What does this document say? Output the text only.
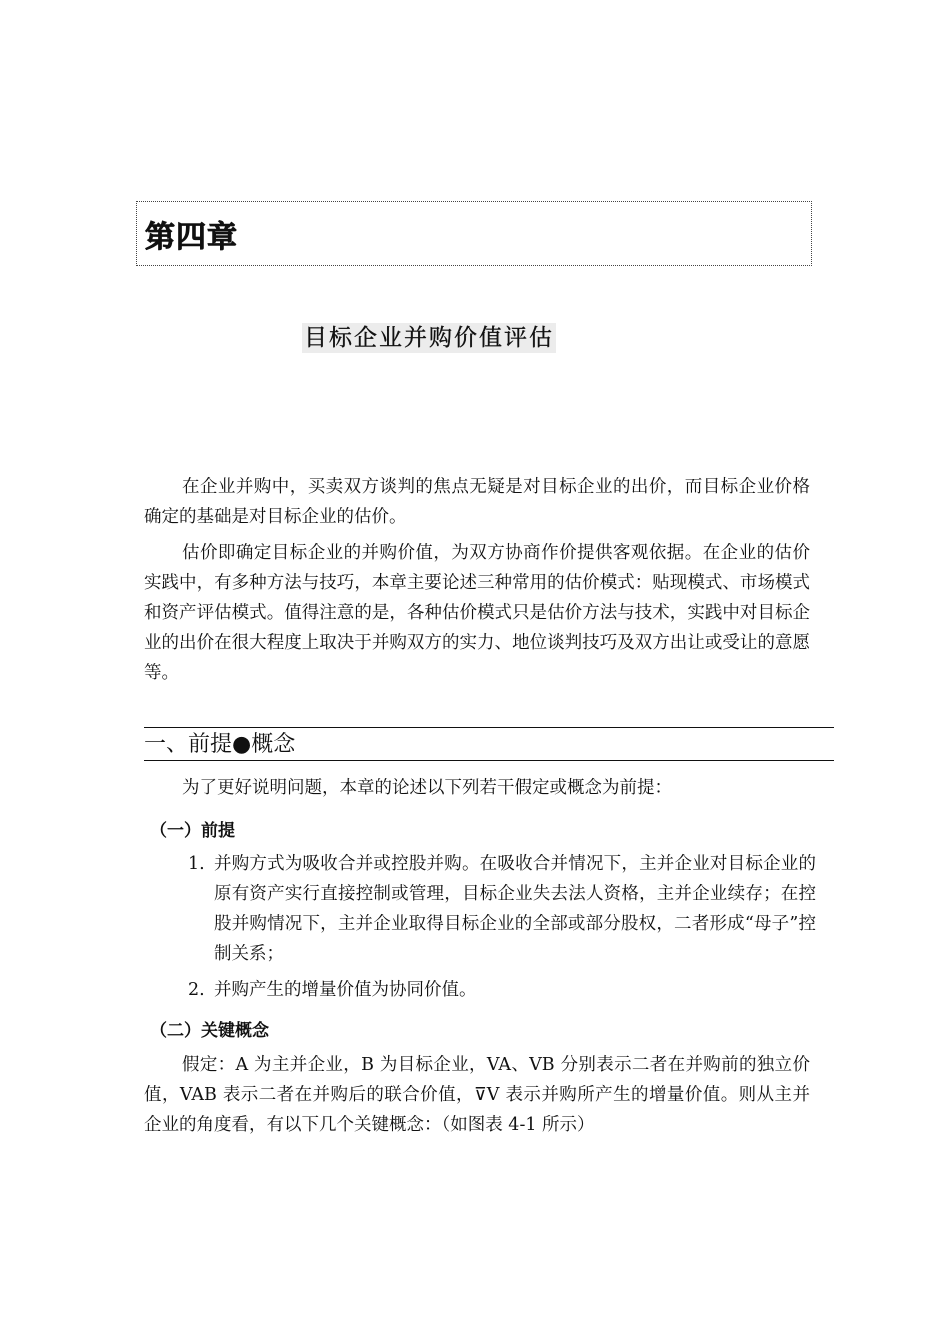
第四章
目标企业并购价值评估

在企业并购中，买卖双方谈判的焦点无疑是对目标企业的出价，而目标企业价格确定的基础是对目标企业的估价。

估价即确定目标企业的并购价值，为双方协商作价提供客观依据。在企业的估价实践中，有多种方法与技巧，本章主要论述三种常用的估价模式：贴现模式、市场模式和资产评估模式。值得注意的是，各种估价模式只是估价方法与技术，实践中对目标企业的出价在很大程度上取决于并购双方的实力、地位谈判技巧及双方出让或受让的意愿等。

一、前提●概念

为了更好说明问题，本章的论述以下列若干假定或概念为前提：

（一）前提
1. 并购方式为吸收合并或控股并购。在吸收合并情况下，主并企业对目标企业的原有资产实行直接控制或管理，目标企业失去法人资格，主并企业续存；在控股并购情况下，主并企业取得目标企业的全部或部分股权，二者形成“母子”控制关系；
2. 并购产生的增量价值为协同价值。
（二）关键概念

假定：A 为主并企业，B 为目标企业，VA、VB 分别表示二者在并购前的独立价值，VAB 表示二者在并购后的联合价值，⊽V 表示并购所产生的增量价值。则从主并企业的角度看，有以下几个关键概念：（如图表 4-1 所示）
